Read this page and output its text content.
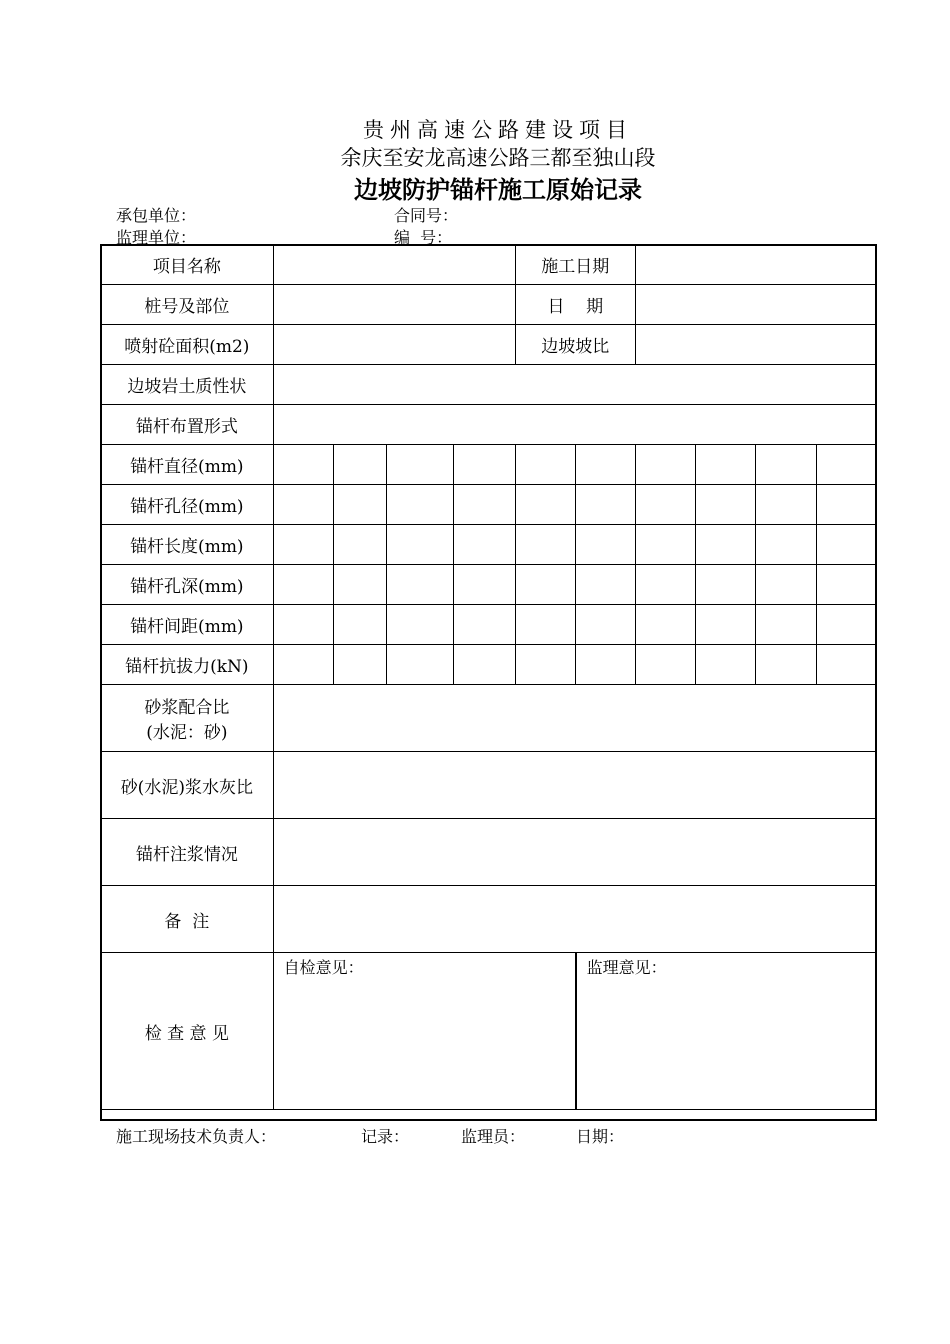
贵州高速公路建设项目
余庆至安龙高速公路三都至独山段
边坡防护锚杆施工原始记录
承包单位：	合同号：
监理单位：	编  号：
项目名称					施工日期					
桩号及部位					日    期					
喷射砼面积(m2)					边坡坡比					
边坡岩土质性状										
锚杆布置形式										
锚杆直径(mm)										
锚杆孔径(mm)										
锚杆长度(mm)										
锚杆孔深(mm)										
锚杆间距(mm)										
锚杆抗拔力(kN)										

砂浆配合比
(水泥：砂)										

砂(水泥)浆水灰比										
锚杆注浆情况										
备  注										
检 查 意 见	自检意见： 监理意见：									
施工现场技术负责人：	记录：	监理员：	日期：
